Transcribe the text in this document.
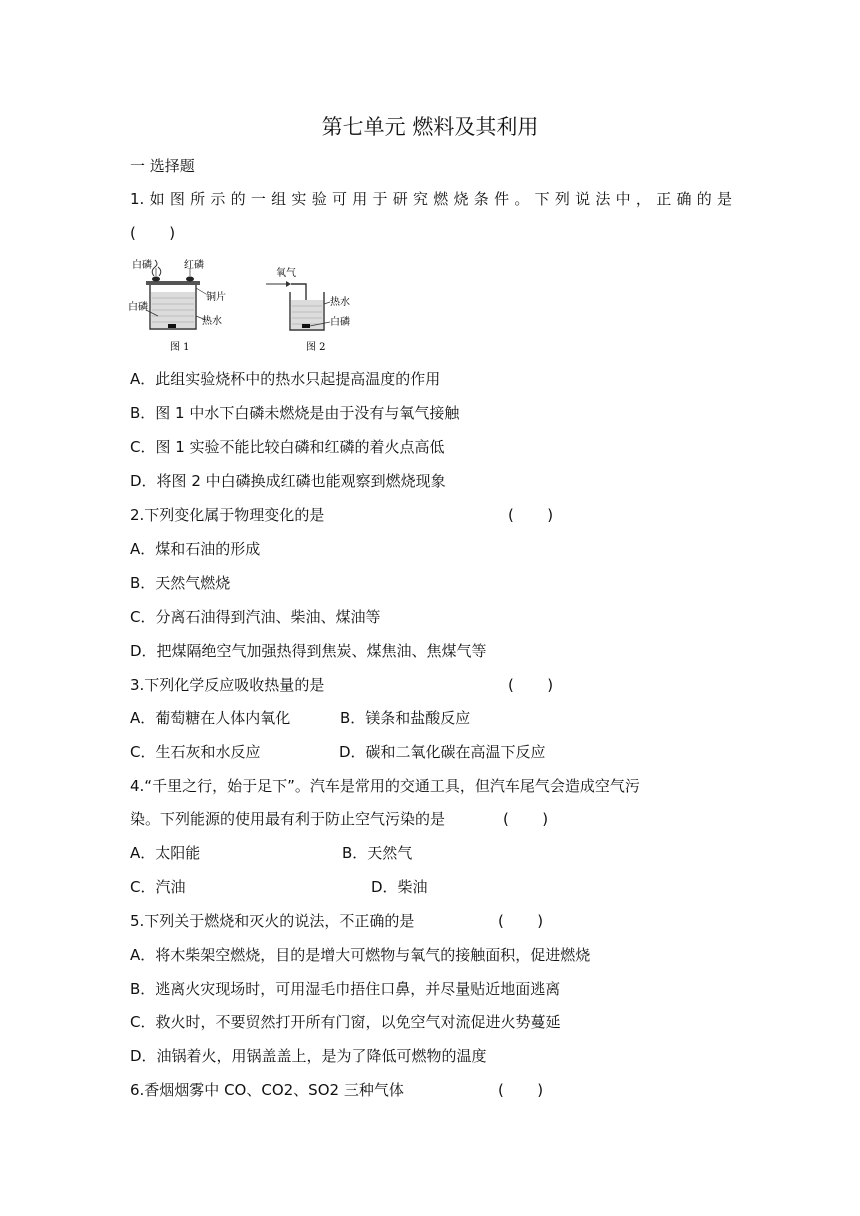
第七单元 燃料及其利用
一 选择题
1.如图所示的一组实验可用于研究燃烧条件。下列说法中，正确的是
(       )
白磷	红磷
铜片
白磷
热水
图 1
氧气
热水
白磷
图 2
A．此组实验烧杯中的热水只起提高温度的作用
B．图 1 中水下白磷未燃烧是由于没有与氧气接触
C．图 1 实验不能比较白磷和红磷的着火点高低
D．将图 2 中白磷换成红磷也能观察到燃烧现象
2.下列变化属于物理变化的是	(       )
A．煤和石油的形成
B．天然气燃烧
C．分离石油得到汽油、柴油、煤油等
D．把煤隔绝空气加强热得到焦炭、煤焦油、焦煤气等
3.下列化学反应吸收热量的是	(       )
A．葡萄糖在人体内氧化	B．镁条和盐酸反应
C．生石灰和水反应	D．碳和二氧化碳在高温下反应
4.“千里之行，始于足下”。汽车是常用的交通工具，但汽车尾气会造成空气污
染。下列能源的使用最有利于防止空气污染的是	(       )
A．太阳能	B．天然气
C．汽油	D．柴油
5.下列关于燃烧和灭火的说法，不正确的是	(       )
A．将木柴架空燃烧，目的是增大可燃物与氧气的接触面积，促进燃烧
B．逃离火灾现场时，可用湿毛巾捂住口鼻，并尽量贴近地面逃离
C．救火时，不要贸然打开所有门窗，以免空气对流促进火势蔓延
D．油锅着火，用锅盖盖上，是为了降低可燃物的温度
6.香烟烟雾中 CO、CO2、SO2 三种气体	(       )
